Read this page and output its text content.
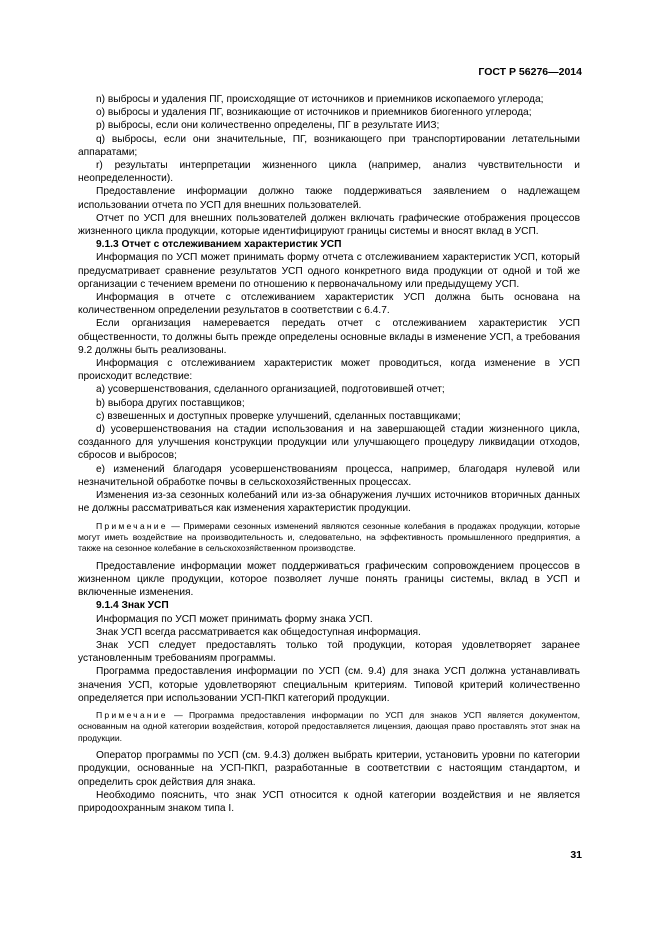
ГОСТ Р 56276—2014

n) выбросы и удаления ПГ, происходящие от источников и приемников ископаемого углерода;

o) выбросы и удаления ПГ, возникающие от источников и приемников биогенного углерода;

p) выбросы, если они количественно определены, ПГ в результате ИИЗ;

q) выбросы, если они значительные, ПГ, возникающего при транспортировании летательными аппаратами;

r) результаты интерпретации жизненного цикла (например, анализ чувствительности и неопределенности).

Предоставление информации должно также поддерживаться заявлением о надлежащем использовании отчета по УСП для внешних пользователей.

Отчет по УСП для внешних пользователей должен включать графические отображения процессов жизненного цикла продукции, которые идентифицируют границы системы и вносят вклад в УСП.

9.1.3 Отчет с отслеживанием характеристик УСП

Информация по УСП может принимать форму отчета с отслеживанием характеристик УСП, который предусматривает сравнение результатов УСП одного конкретного вида продукции от одной и той же организации с течением времени по отношению к первоначальному или предыдущему УСП.

Информация в отчете с отслеживанием характеристик УСП должна быть основана на количественном определении результатов в соответствии с 6.4.7.

Если организация намеревается передать отчет с отслеживанием характеристик УСП общественности, то должны быть прежде определены основные вклады в изменение УСП, а требования 9.2 должны быть реализованы.

Информация с отслеживанием характеристик может проводиться, когда изменение в УСП происходит вследствие:

a) усовершенствования, сделанного организацией, подготовившей отчет;

b) выбора других поставщиков;

c) взвешенных и доступных проверке улучшений, сделанных поставщиками;

d) усовершенствования на стадии использования и на завершающей стадии жизненного цикла, созданного для улучшения конструкции продукции или улучшающего процедуру ликвидации отходов, сбросов и выбросов;

e) изменений благодаря усовершенствованиям процесса, например, благодаря нулевой или незначительной обработке почвы в сельскохозяйственных процессах.

Изменения из-за сезонных колебаний или из-за обнаружения лучших источников вторичных данных не должны рассматриваться как изменения характеристик продукции.

Примечание — Примерами сезонных изменений являются сезонные колебания в продажах продукции, которые могут иметь воздействие на производительность и, следовательно, на эффективность промышленного предприятия, а также на сезонное колебание в сельскохозяйственном производстве.

Предоставление информации может поддерживаться графическим сопровождением процессов в жизненном цикле продукции, которое позволяет лучше понять границы системы, вклад в УСП и включенные изменения.

9.1.4 Знак УСП

Информация по УСП может принимать форму знака УСП.

Знак УСП всегда рассматривается как общедоступная информация.

Знак УСП следует предоставлять только той продукции, которая удовлетворяет заранее установленным требованиям программы.

Программа предоставления информации по УСП (см. 9.4) для знака УСП должна устанавливать значения УСП, которые удовлетворяют специальным критериям. Типовой критерий количественно определяется при использовании УСП-ПКП категорий продукции.

Примечание — Программа предоставления информации по УСП для знаков УСП является документом, основанным на одной категории воздействия, которой предоставляется лицензия, дающая право проставлять этот знак на продукции.

Оператор программы по УСП (см. 9.4.3) должен выбрать критерии, установить уровни по категории продукции, основанные на УСП-ПКП, разработанные в соответствии с настоящим стандартом, и определить срок действия для знака.

Необходимо пояснить, что знак УСП относится к одной категории воздействия и не является природоохранным знаком типа I.

31
